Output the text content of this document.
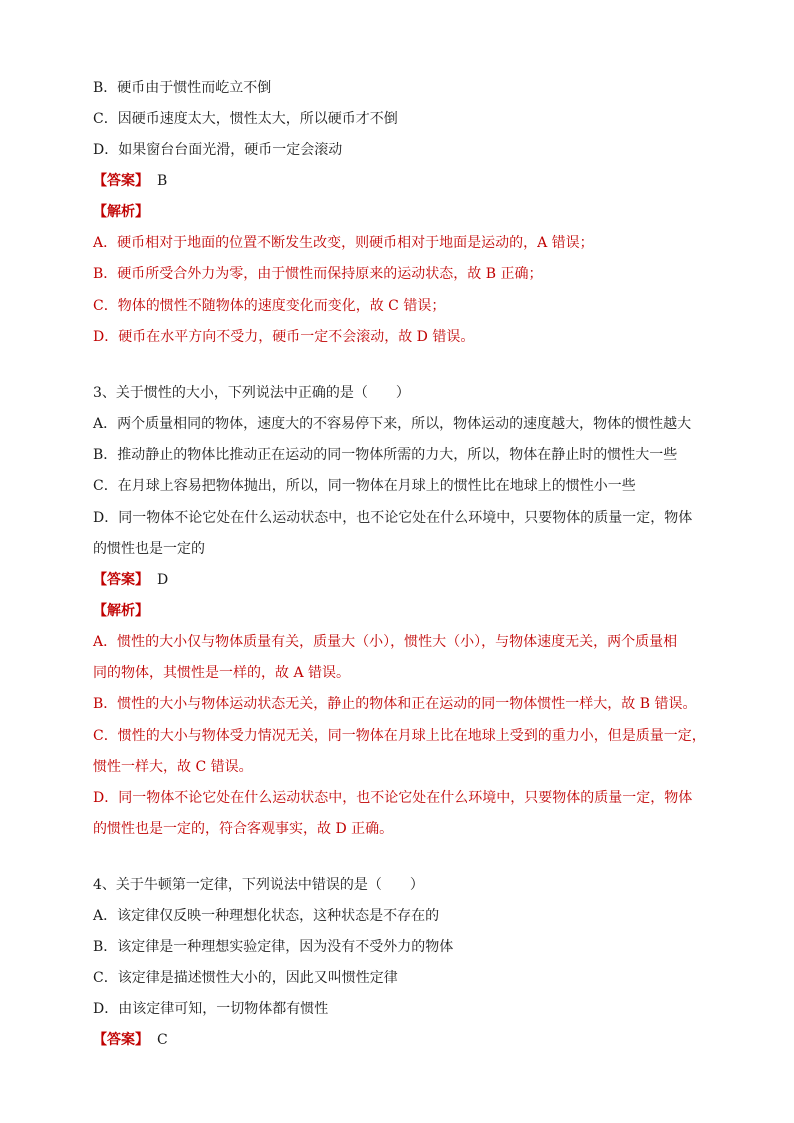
B．硬币由于惯性而屹立不倒
C．因硬币速度太大，惯性太大，所以硬币才不倒
D．如果窗台台面光滑，硬币一定会滚动
【答案】 B
【解析】
A．硬币相对于地面的位置不断发生改变，则硬币相对于地面是运动的，A 错误；
B．硬币所受合外力为零，由于惯性而保持原来的运动状态，故 B 正确；
C．物体的惯性不随物体的速度变化而变化，故 C 错误；
D．硬币在水平方向不受力，硬币一定不会滚动，故 D 错误。
3、关于惯性的大小，下列说法中正确的是（　　）
A．两个质量相同的物体，速度大的不容易停下来，所以，物体运动的速度越大，物体的惯性越大
B．推动静止的物体比推动正在运动的同一物体所需的力大，所以，物体在静止时的惯性大一些
C．在月球上容易把物体抛出，所以，同一物体在月球上的惯性比在地球上的惯性小一些
D．同一物体不论它处在什么运动状态中，也不论它处在什么环境中，只要物体的质量一定，物体
的惯性也是一定的
【答案】 D
【解析】
A．惯性的大小仅与物体质量有关，质量大（小），惯性大（小），与物体速度无关，两个质量相
同的物体，其惯性是一样的，故 A 错误。
B．惯性的大小与物体运动状态无关，静止的物体和正在运动的同一物体惯性一样大，故 B 错误。
C．惯性的大小与物体受力情况无关，同一物体在月球上比在地球上受到的重力小，但是质量一定，
惯性一样大，故 C 错误。
D．同一物体不论它处在什么运动状态中，也不论它处在什么环境中，只要物体的质量一定，物体
的惯性也是一定的，符合客观事实，故 D 正确。
4、关于牛顿第一定律，下列说法中错误的是（　　）
A．该定律仅反映一种理想化状态，这种状态是不存在的
B．该定律是一种理想实验定律，因为没有不受外力的物体
C．该定律是描述惯性大小的，因此又叫惯性定律
D．由该定律可知，一切物体都有惯性
【答案】 C
